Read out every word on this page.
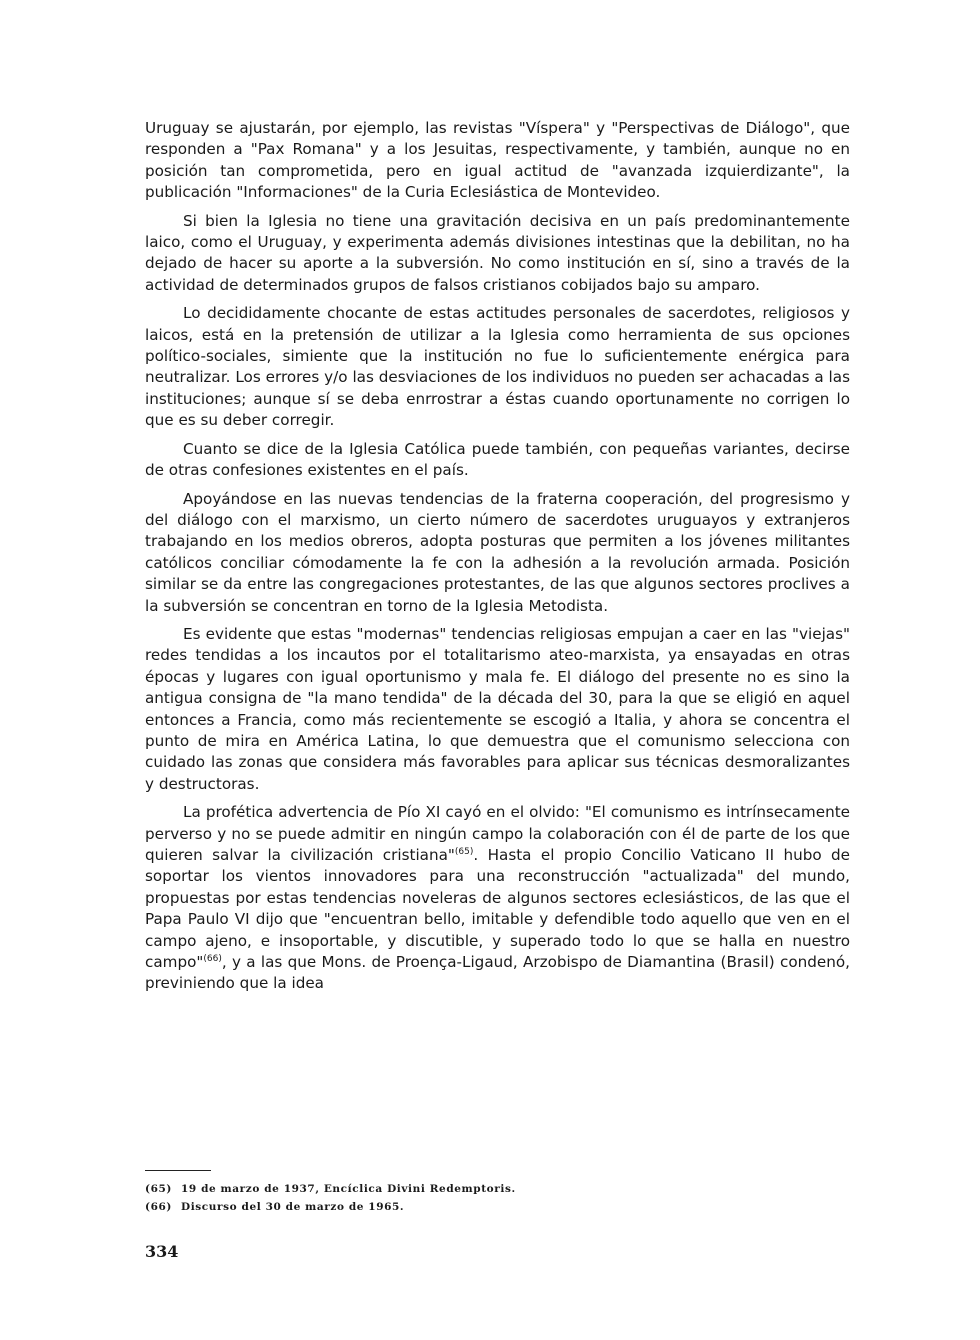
Uruguay se ajustarán, por ejemplo, las revistas "Víspera" y "Perspectivas de Diálogo", que responden a "Pax Romana" y a los Jesuitas, respectivamente, y también, aunque no en posición tan comprometida, pero en igual actitud de "avanzada izquierdizante", la publicación "Informaciones" de la Curia Eclesiástica de Montevideo.

Si bien la Iglesia no tiene una gravitación decisiva en un país predominantemente laico, como el Uruguay, y experimenta además divisiones intestinas que la debilitan, no ha dejado de hacer su aporte a la subversión. No como institución en sí, sino a través de la actividad de determinados grupos de falsos cristianos cobijados bajo su amparo.

Lo decididamente chocante de estas actitudes personales de sacerdotes, religiosos y laicos, está en la pretensión de utilizar a la Iglesia como herramienta de sus opciones político-sociales, simiente que la institución no fue lo suficientemente enérgica para neutralizar. Los errores y/o las desviaciones de los individuos no pueden ser achacadas a las instituciones; aunque sí se deba enrrostrar a éstas cuando oportunamente no corrigen lo que es su deber corregir.

Cuanto se dice de la Iglesia Católica puede también, con pequeñas variantes, decirse de otras confesiones existentes en el país.

Apoyándose en las nuevas tendencias de la fraterna cooperación, del progresismo y del diálogo con el marxismo, un cierto número de sacerdotes uruguayos y extranjeros trabajando en los medios obreros, adopta posturas que permiten a los jóvenes militantes católicos conciliar cómodamente la fe con la adhesión a la revolución armada. Posición similar se da entre las congregaciones protestantes, de las que algunos sectores proclives a la subversión se concentran en torno de la Iglesia Metodista.

Es evidente que estas "modernas" tendencias religiosas empujan a caer en las "viejas" redes tendidas a los incautos por el totalitarismo ateo-marxista, ya ensayadas en otras épocas y lugares con igual oportunismo y mala fe. El diálogo del presente no es sino la antigua consigna de "la mano tendida" de la década del 30, para la que se eligió en aquel entonces a Francia, como más recientemente se escogió a Italia, y ahora se concentra el punto de mira en América Latina, lo que demuestra que el comunismo selecciona con cuidado las zonas que considera más favorables para aplicar sus técnicas desmoralizantes y destructoras.

La profética advertencia de Pío XI cayó en el olvido: "El comunismo es intrínsecamente perverso y no se puede admitir en ningún campo la colaboración con él de parte de los que quieren salvar la civilización cristiana"$^{(65)}$. Hasta el propio Concilio Vaticano II hubo de soportar los vientos innovadores para una reconstrucción "actualizada" del mundo, propuestas por estas tendencias noveleras de algunos sectores eclesiásticos, de las que el Papa Paulo VI dijo que "encuentran bello, imitable y defendible todo aquello que ven en el campo ajeno, e insoportable, y discutible, y superado todo lo que se halla en nuestro campo"$^{(66)}$, y a las que Mons. de Proença-Ligaud, Arzobispo de Diamantina (Brasil) condenó, previniendo que la idea

(65) 19 de marzo de 1937, Encíclica Divini Redemptoris.
(66) Discurso del 30 de marzo de 1965.
334
